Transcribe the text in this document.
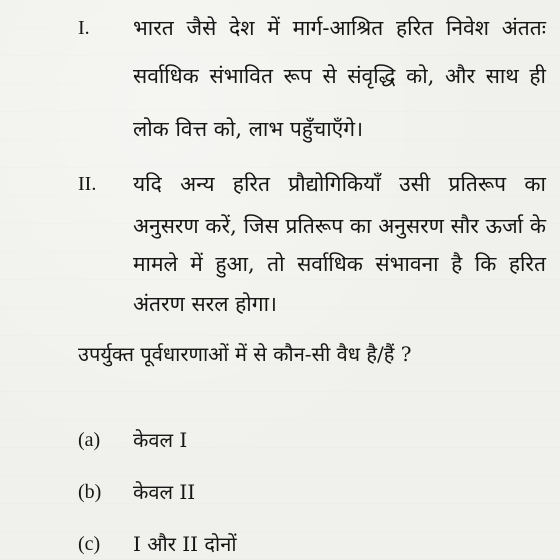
I. भारत जैसे देश में मार्ग-आश्रित हरित निवेश अंततः
सर्वाधिक संभावित रूप से संवृद्धि को, और साथ ही
लोक वित्त को, लाभ पहुँचाएँगे।
II. यदि अन्य हरित प्रौद्योगिकियाँ उसी प्रतिरूप का
अनुसरण करें, जिस प्रतिरूप का अनुसरण सौर ऊर्जा के
मामले में हुआ, तो सर्वाधिक संभावना है कि हरित
अंतरण सरल होगा।
उपर्युक्त पूर्वधारणाओं में से कौन-सी वैध है/हैं ?
(a) केवल I
(b) केवल II
(c) I और II दोनों
